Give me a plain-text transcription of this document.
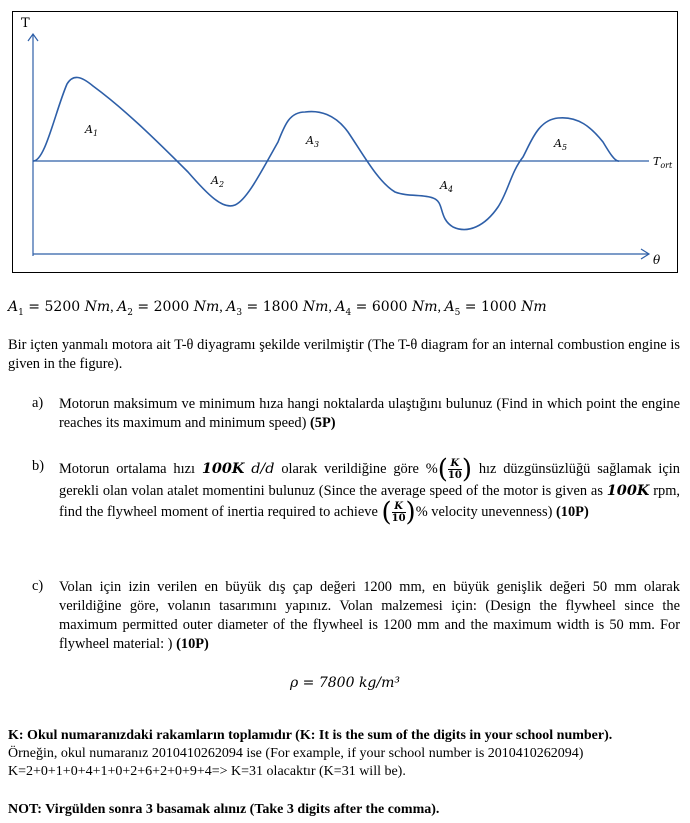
T
θ
$T_{ort}$
$A_1$
$A_2$
$A_3$
$A_4$
$A_5$
$A_1 = 5200$ Nm, $A_2 = 2000$ Nm, $A_3 = 1800$ Nm, $A_4 = 6000$ Nm, $A_5 = 1000$ Nm
Bir içten yanmalı motora ait T-θ diyagramı şekilde verilmiştir (The T-θ diagram for an internal combustion engine is given in the figure).
a) Motorun maksimum ve minimum hıza hangi noktalarda ulaştığını bulunuz (Find in which point the engine reaches its maximum and minimum speed) (5P)
b) Motorun ortalama hızı 100K d/d olarak verildiğine göre %( $\frac{K}{10}$ ) hız düzgünsüzlüğü sağlamak için gerekli olan volan atalet momentini bulunuz (Since the average speed of the motor is given as 100K rpm, find the flywheel moment of inertia required to achieve ( $\frac{K}{10}$ )% velocity unevenness) (10P)
c) Volan için izin verilen en büyük dış çap değeri 1200 mm, en büyük genişlik değeri 50 mm olarak verildiğine göre, volanın tasarımını yapınız. Volan malzemesi için: (Design the flywheel since the maximum permitted outer diameter of the flywheel is 1200 mm and the maximum width is 50 mm. For flywheel material: ) (10P)
ρ = 7800 kg/m³
K: Okul numaranızdaki rakamların toplamıdır (K: It is the sum of the digits in your school number).
Örneğin, okul numaranız 2010410262094 ise (For example, if your school number is 2010410262094)
K=2+0+1+0+4+1+0+2+6+2+0+9+4=> K=31 olacaktır (K=31 will be).
NOT: Virgülden sonra 3 basamak alınız (Take 3 digits after the comma).
